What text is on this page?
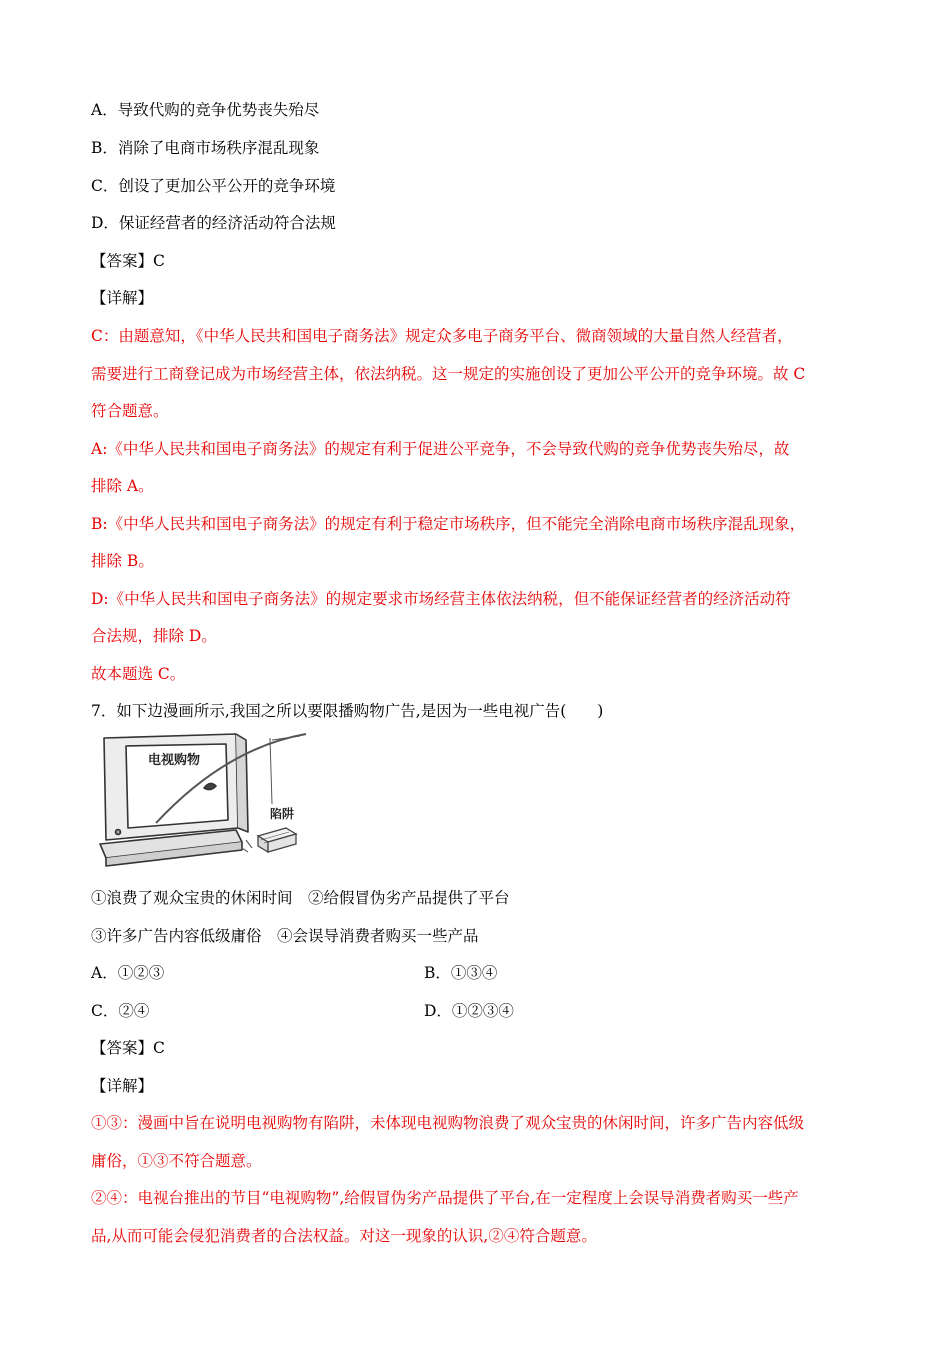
A．导致代购的竞争优势丧失殆尽
B．消除了电商市场秩序混乱现象
C．创设了更加公平公开的竞争环境
D．保证经营者的经济活动符合法规
【答案】C
【详解】
C：由题意知，《中华人民共和国电子商务法》规定众多电子商务平台、微商领域的大量自然人经营者，
需要进行工商登记成为市场经营主体，依法纳税。这一规定的实施创设了更加公平公开的竞争环境。故 C
符合题意。
A:《中华人民共和国电子商务法》的规定有利于促进公平竞争，不会导致代购的竞争优势丧失殆尽，故
排除 A。
B:《中华人民共和国电子商务法》的规定有利于稳定市场秩序，但不能完全消除电商市场秩序混乱现象，
排除 B。
D:《中华人民共和国电子商务法》的规定要求市场经营主体依法纳税，但不能保证经营者的经济活动符
合法规，排除 D。
故本题选 C。
7．如下边漫画所示,我国之所以要限播购物广告,是因为一些电视广告(　　)
电视购物
陷阱
①浪费了观众宝贵的休闲时间　②给假冒伪劣产品提供了平台
③许多广告内容低级庸俗　④会误导消费者购买一些产品
A．①②③	B．①③④
C．②④	D．①②③④
【答案】C
【详解】
①③：漫画中旨在说明电视购物有陷阱，未体现电视购物浪费了观众宝贵的休闲时间，许多广告内容低级
庸俗，①③不符合题意。
②④：电视台推出的节目“电视购物”,给假冒伪劣产品提供了平台,在一定程度上会误导消费者购买一些产
品,从而可能会侵犯消费者的合法权益。对这一现象的认识,②④符合题意。
